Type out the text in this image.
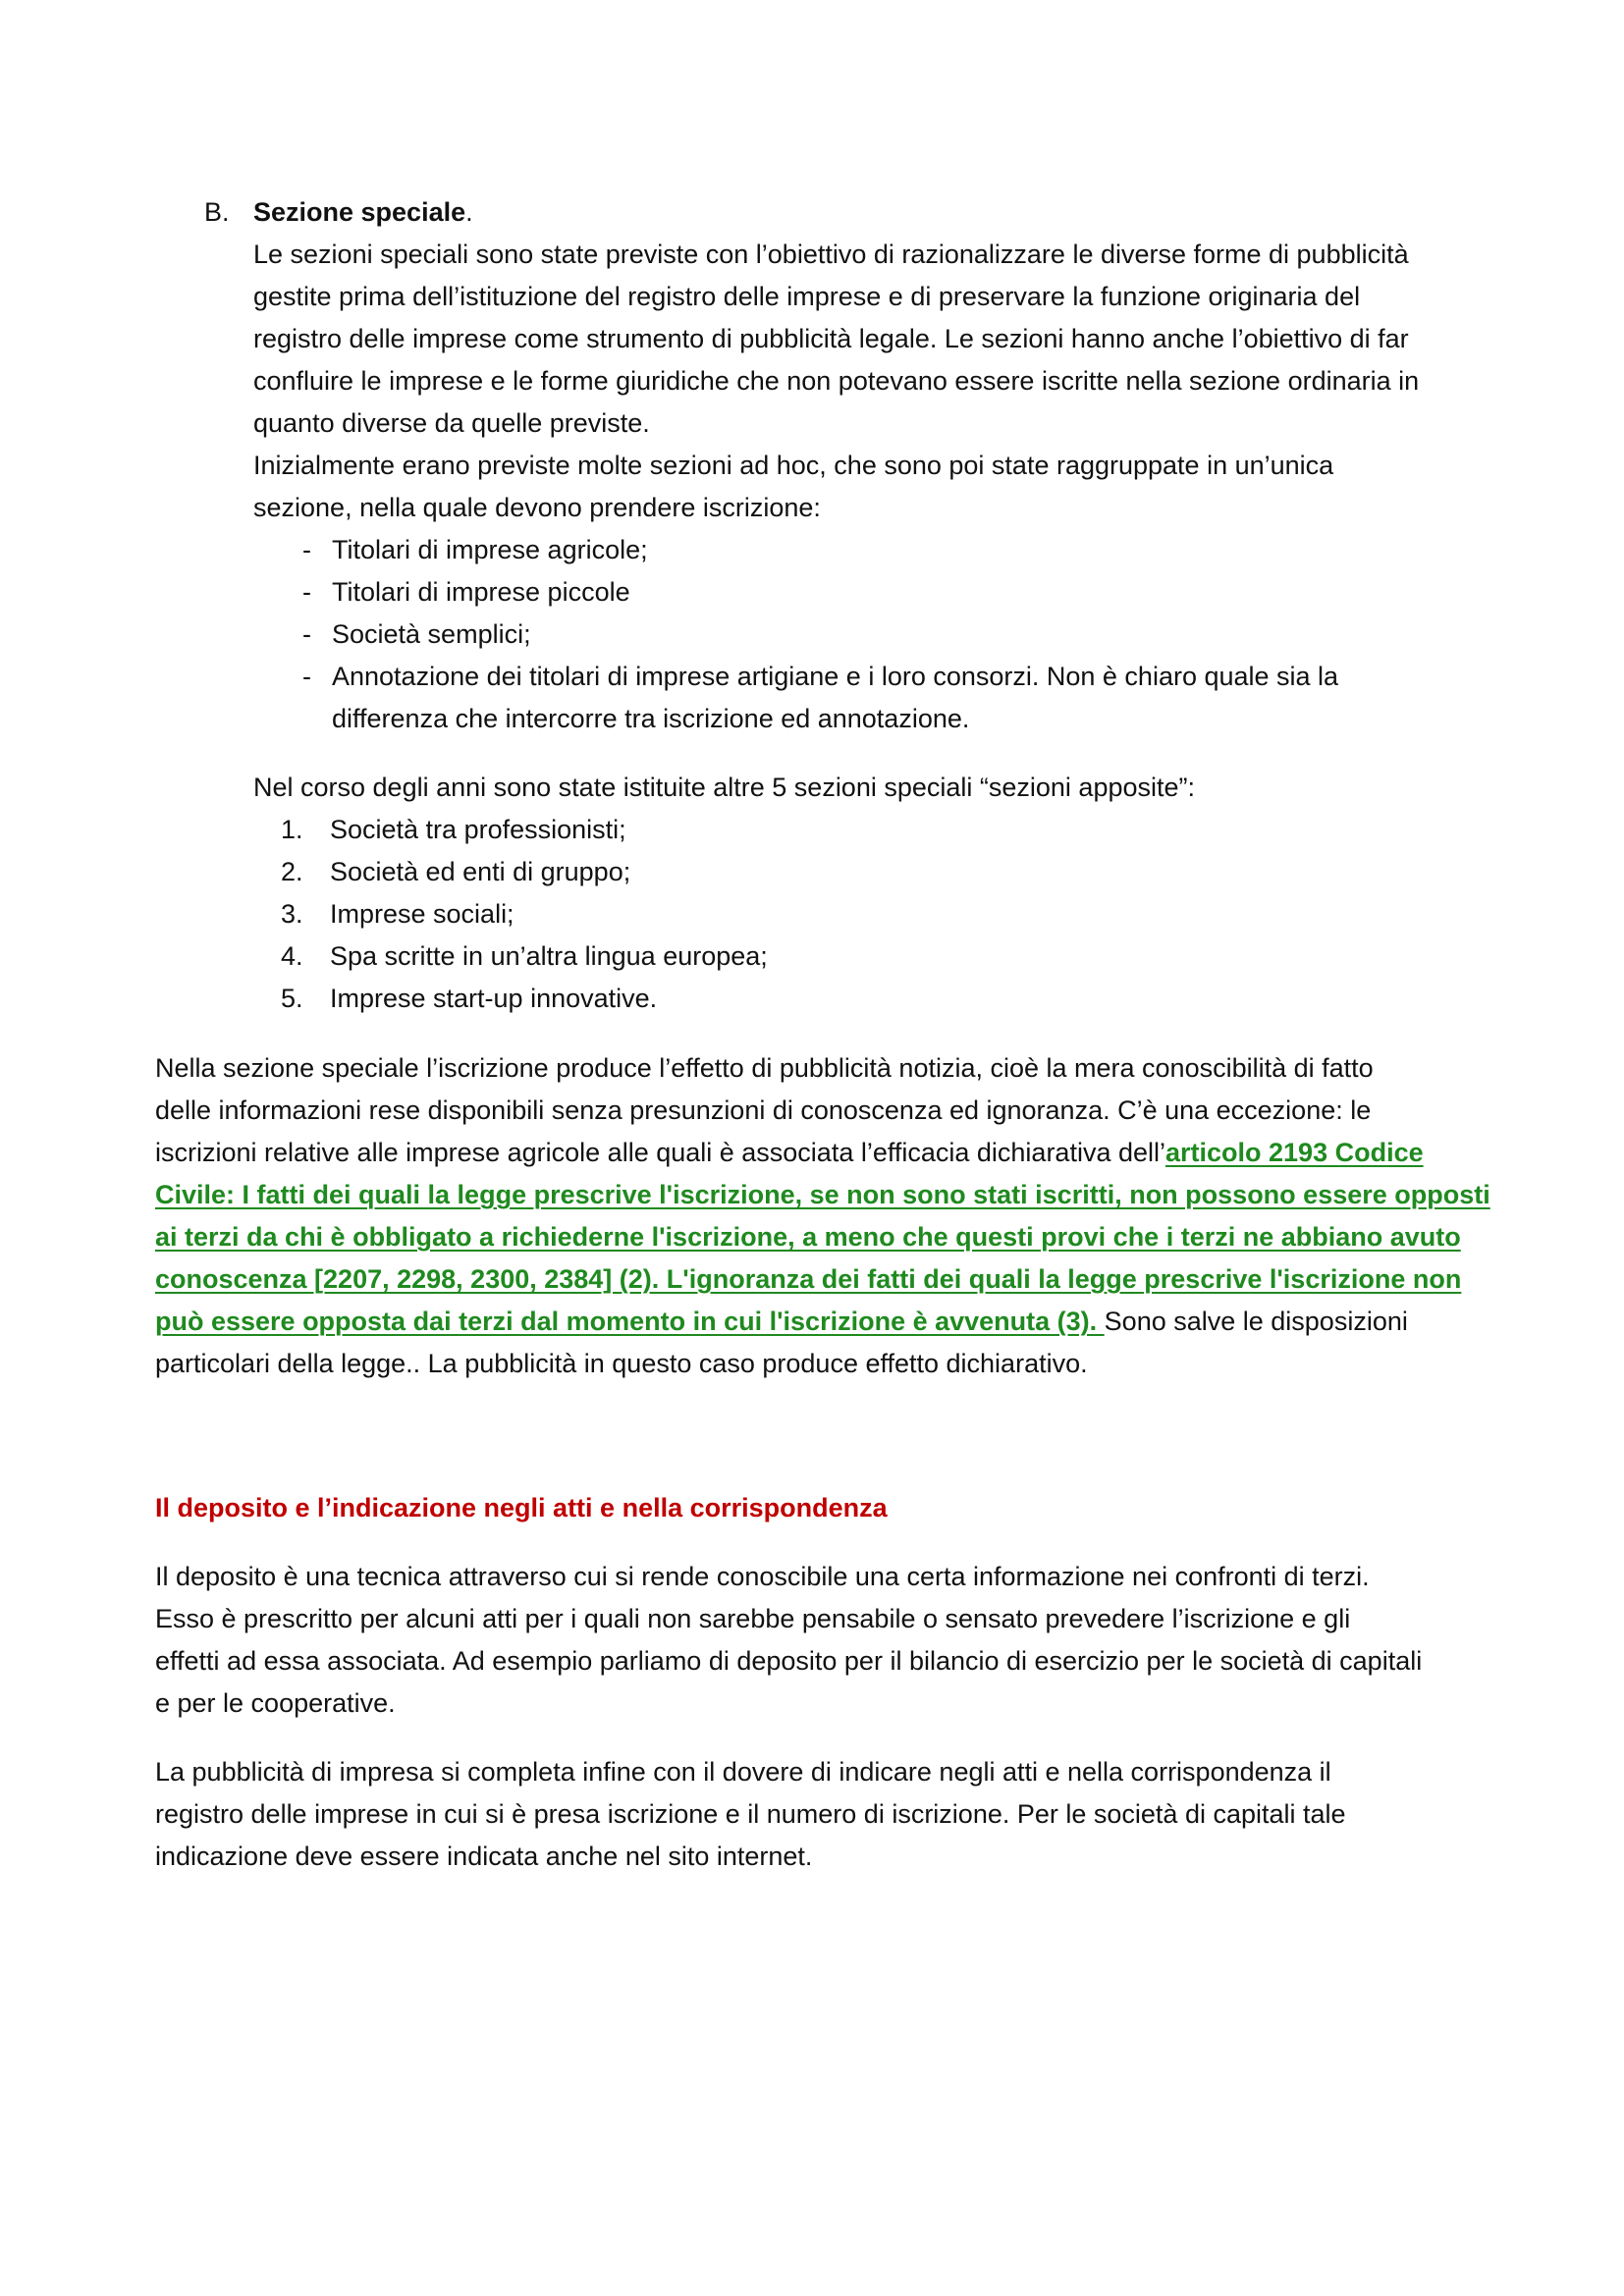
B. Sezione speciale.
Le sezioni speciali sono state previste con l’obiettivo di razionalizzare le diverse forme di pubblicità
gestite prima dell’istituzione del registro delle imprese e di preservare la funzione originaria del
registro delle imprese come strumento di pubblicità legale. Le sezioni hanno anche l’obiettivo di far
confluire le imprese e le forme giuridiche che non potevano essere iscritte nella sezione ordinaria in
quanto diverse da quelle previste.
Inizialmente erano previste molte sezioni ad hoc, che sono poi state raggruppate in un’unica
sezione, nella quale devono prendere iscrizione:
- Titolari di imprese agricole;
- Titolari di imprese piccole
- Società semplici;
- Annotazione dei titolari di imprese artigiane e i loro consorzi. Non è chiaro quale sia la
differenza che intercorre tra iscrizione ed annotazione.
Nel corso degli anni sono state istituite altre 5 sezioni speciali “sezioni apposite”:
1. Società tra professionisti;
2. Società ed enti di gruppo;
3. Imprese sociali;
4. Spa scritte in un’altra lingua europea;
5. Imprese start-up innovative.
Nella sezione speciale l’iscrizione produce l’effetto di pubblicità notizia, cioè la mera conoscibilità di fatto
delle informazioni rese disponibili senza presunzioni di conoscenza ed ignoranza. C’è una eccezione: le
iscrizioni relative alle imprese agricole alle quali è associata l’efficacia dichiarativa dell’articolo 2193 Codice
Civile: I fatti dei quali la legge prescrive l'iscrizione, se non sono stati iscritti, non possono essere opposti
ai terzi da chi è obbligato a richiederne l'iscrizione, a meno che questi provi che i terzi ne abbiano avuto
conoscenza [2207, 2298, 2300, 2384] (2). L'ignoranza dei fatti dei quali la legge prescrive l'iscrizione non
può essere opposta dai terzi dal momento in cui l'iscrizione è avvenuta (3). Sono salve le disposizioni
particolari della legge.. La pubblicità in questo caso produce effetto dichiarativo.
Il deposito e l’indicazione negli atti e nella corrispondenza
Il deposito è una tecnica attraverso cui si rende conoscibile una certa informazione nei confronti di terzi.
Esso è prescritto per alcuni atti per i quali non sarebbe pensabile o sensato prevedere l’iscrizione e gli
effetti ad essa associata. Ad esempio parliamo di deposito per il bilancio di esercizio per le società di capitali
e per le cooperative.
La pubblicità di impresa si completa infine con il dovere di indicare negli atti e nella corrispondenza il
registro delle imprese in cui si è presa iscrizione e il numero di iscrizione. Per le società di capitali tale
indicazione deve essere indicata anche nel sito internet.
